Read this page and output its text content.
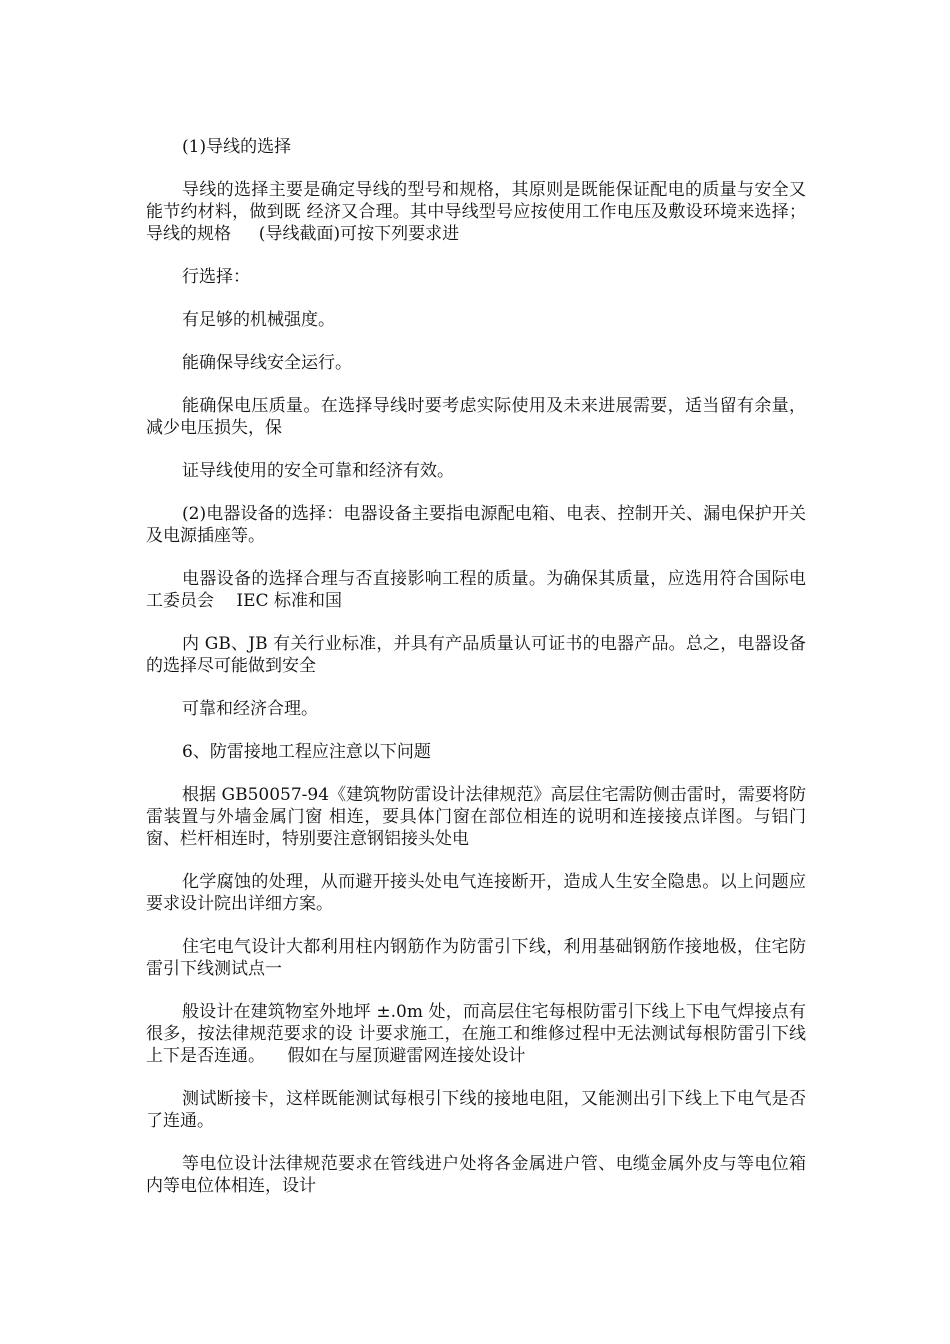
(1)导线的选择

导线的选择主要是确定导线的型号和规格，其原则是既能保证配电的质量与安全又能节约材料，做到既 经济又合理。其中导线型号应按使用工作电压及敷设环境来选择；导线的规格 　 (导线截面)可按下列要求进

行选择：

有足够的机械强度。

能确保导线安全运行。

能确保电压质量。在选择导线时要考虑实际使用及未来进展需要，适当留有余量，减少电压损失，保

证导线使用的安全可靠和经济有效。

(2)电器设备的选择：电器设备主要指电源配电箱、电表、控制开关、漏电保护开关及电源插座等。

电器设备的选择合理与否直接影响工程的质量。为确保其质量，应选用符合国际电工委员会 　IEC 标准和国

内 GB、JB 有关行业标准，并具有产品质量认可证书的电器产品。总之，电器设备的选择尽可能做到安全

可靠和经济合理。

6、防雷接地工程应注意以下问题

根据 GB50057-94《建筑物防雷设计法律规范》高层住宅需防侧击雷时，需要将防雷装置与外墙金属门窗 相连，要具体门窗在部位相连的说明和连接接点详图。与铝门窗、栏杆相连时，特别要注意钢铝接头处电

化学腐蚀的处理，从而避开接头处电气连接断开，造成人生安全隐患。以上问题应要求设计院出详细方案。

住宅电气设计大都利用柱内钢筋作为防雷引下线，利用基础钢筋作接地极，住宅防雷引下线测试点一

般设计在建筑物室外地坪 ±.0m 处，而高层住宅每根防雷引下线上下电气焊接点有很多，按法律规范要求的设 计要求施工，在施工和维修过程中无法测试每根防雷引下线上下是否连通。 　假如在与屋顶避雷网连接处设计

测试断接卡，这样既能测试每根引下线的接地电阻，又能测出引下线上下电气是否了连通。

等电位设计法律规范要求在管线进户处将各金属进户管、电缆金属外皮与等电位箱内等电位体相连，设计
